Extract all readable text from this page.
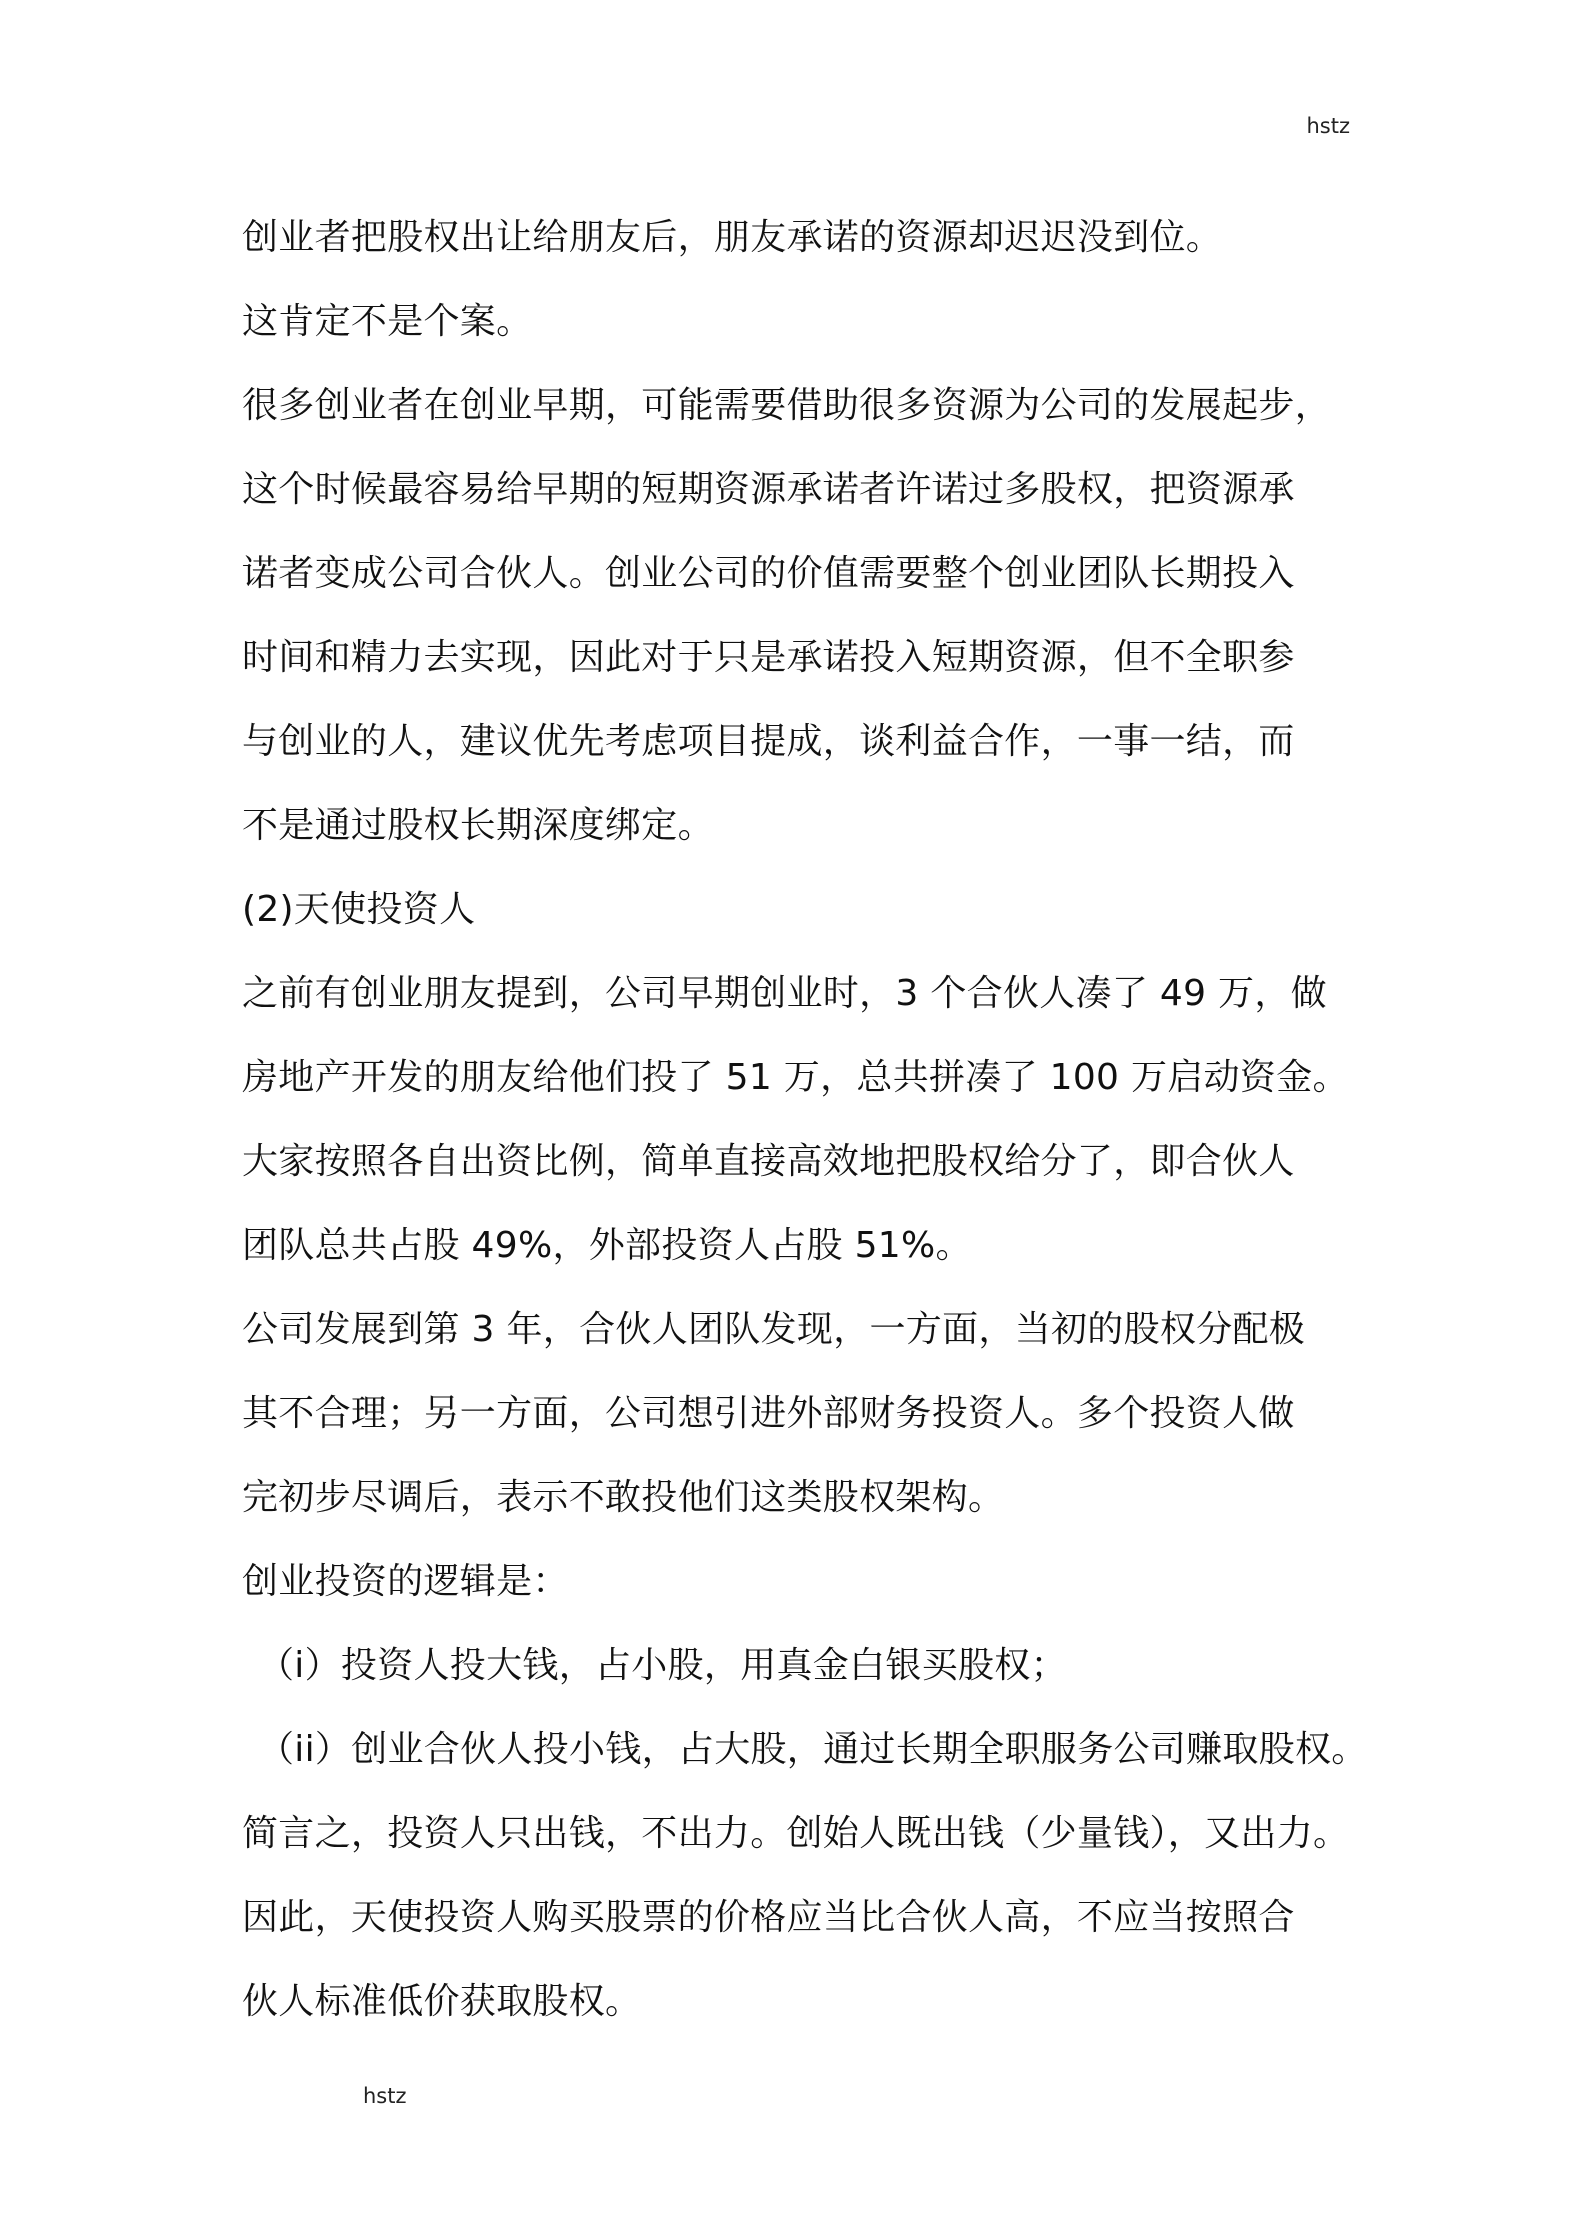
hstz
创业者把股权出让给朋友后，朋友承诺的资源却迟迟没到位。
这肯定不是个案。
很多创业者在创业早期，可能需要借助很多资源为公司的发展起步，
这个时候最容易给早期的短期资源承诺者许诺过多股权，把资源承
诺者变成公司合伙人。创业公司的价值需要整个创业团队长期投入
时间和精力去实现，因此对于只是承诺投入短期资源，但不全职参
与创业的人，建议优先考虑项目提成，谈利益合作，一事一结，而
不是通过股权长期深度绑定。
(2)天使投资人
之前有创业朋友提到，公司早期创业时，3 个合伙人凑了 49 万，做
房地产开发的朋友给他们投了 51 万，总共拼凑了 100 万启动资金。
大家按照各自出资比例，简单直接高效地把股权给分了，即合伙人
团队总共占股 49%，外部投资人占股 51%。
公司发展到第 3 年，合伙人团队发现，一方面，当初的股权分配极
其不合理；另一方面，公司想引进外部财务投资人。多个投资人做
完初步尽调后，表示不敢投他们这类股权架构。
创业投资的逻辑是：
（i）投资人投大钱，占小股，用真金白银买股权；
（ii）创业合伙人投小钱，占大股，通过长期全职服务公司赚取股权。
简言之，投资人只出钱，不出力。创始人既出钱（少量钱），又出力。
因此，天使投资人购买股票的价格应当比合伙人高，不应当按照合
伙人标准低价获取股权。
hstz
